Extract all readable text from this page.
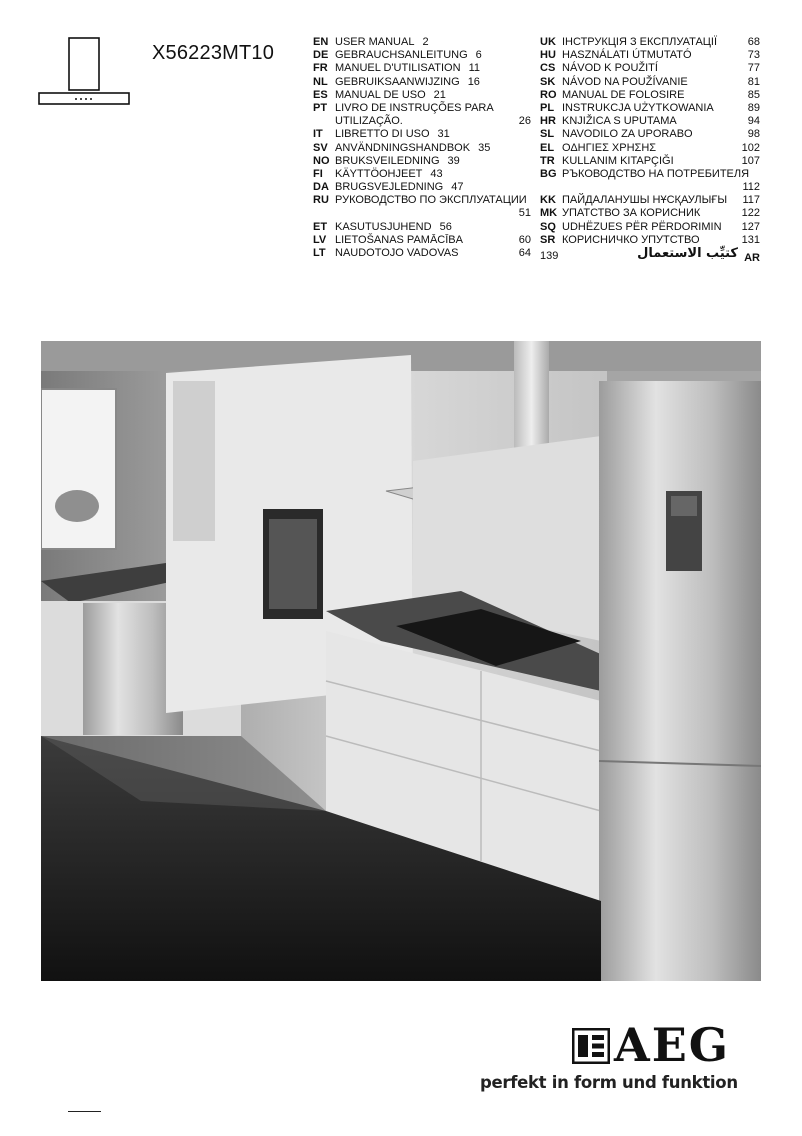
X56223MT10	EN USER MANUAL 2
DE GEBRAUCHSANLEITUNG 6
FR MANUEL D'UTILISATION 11
NL GEBRUIKSAANWIJZING 16
ES MANUAL DE USO 21
PT LIVRO DE INSTRUÇÕES PARA
UTILIZAÇÃO.	26
IT LIBRETTO DI USO 31
SV ANVÄNDNINGSHANDBOK 35
NO BRUKSVEILEDNING 39
FI KÄYTTÖOHJEET 43
DA BRUGSVEJLEDNING 47
RU РУКОВОДСТВО ПО ЭКСПЛУАТАЦИИ
51
ET KASUTUSJUHEND 56
LV LIETOŠANAS PAMĀCĪBA	60
LT NAUDOTOJO VADOVAS	64
UK ІНСТРУКЦІЯ З ЕКСПЛУАТАЦІЇ	68
HU HASZNÁLATI ÚTMUTATÓ	73
CS NÁVOD K POUŽITÍ	77
SK NÁVOD NA POUŽÍVANIE	81
RO MANUAL DE FOLOSIRE	85
PL INSTRUKCJA UŻYTKOWANIA	89
HR KNJIŽICA S UPUTAMA	94
SL NAVODILO ZA UPORABO	98
EL ΟΔΗΓΙΕΣ ΧΡΗΣΗΣ	102
TR KULLANIM KITAPÇIĞI	107
BG РЪКОВОДСТВО НА ПОТРЕБИТЕЛЯ
112
KK ПАЙДАЛАНУШЫ НҰСҚАУЛЫҒЫ 117
MK УПАТСТВО ЗА КОРИСНИК	122
SQ UDHËZUES PËR PËRDORIMIN 127
SR КОРИСНИЧКО УПУТСТВО	131
139	كتيِّب الاستعمال AR
AEG
perfekt in form und funktion
